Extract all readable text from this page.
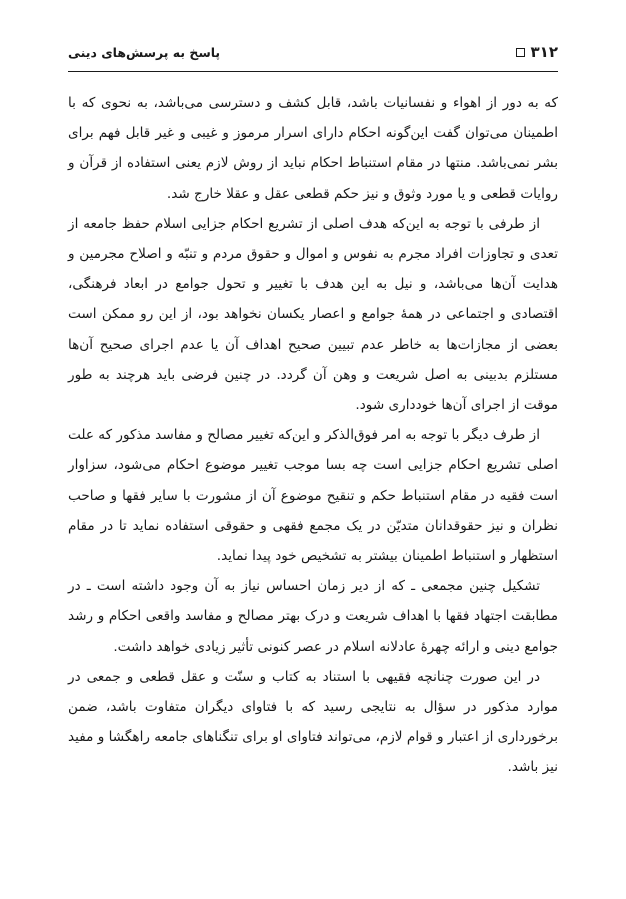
۳۱۲
پاسخ به پرسش‌های دینی

که به دور از اهواء و نفسانیات باشد، قابل کشف و دسترسی می‌باشد، به نحوی که با اطمینان می‌توان گفت این‌گونه احکام دارای اسرار مرموز و غیبی و غیر قابل فهم برای بشر نمی‌باشد. منتها در مقام استنباط احکام نباید از روش لازم یعنی استفاده از قرآن و روایات قطعی و یا مورد وثوق و نیز حکم قطعی عقل و عقلا خارج شد.

از طرفی با توجه به این‌که هدف اصلی از تشریع احکام جزایی اسلام حفظ جامعه از تعدی و تجاوزات افراد مجرم به نفوس و اموال و حقوق مردم و تنبّه و اصلاح مجرمین و هدایت آن‌ها می‌باشد، و نیل به این هدف با تغییر و تحول جوامع در ابعاد فرهنگی، اقتصادی و اجتماعی در همهٔ جوامع و اعصار یکسان نخواهد بود، از این رو ممکن است بعضی از مجازات‌ها به خاطر عدم تبیین صحیح اهداف آن یا عدم اجرای صحیح آن‌ها مستلزم بدبینی به اصل شریعت و وهن آن گردد. در چنین فرضی باید هرچند به طور موقت از اجرای آن‌ها خودداری شود.

از طرف دیگر با توجه به امر فوق‌الذکر و این‌که تغییر مصالح و مفاسد مذکور که علت اصلی تشریع احکام جزایی است چه بسا موجب تغییر موضوع احکام می‌شود، سزاوار است فقیه در مقام استنباط حکم و تنقیح موضوع آن از مشورت با سایر فقها و صاحب نظران و نیز حقوقدانان متدیّن در یک مجمع فقهی و حقوقی استفاده نماید تا در مقام استظهار و استنباط اطمینان بیشتر به تشخیص خود پیدا نماید.

تشکیل چنین مجمعی ـ که از دیر زمان احساس نیاز به آن وجود داشته است ـ در مطابقت اجتهاد فقها با اهداف شریعت و درک بهتر مصالح و مفاسد واقعی احکام و رشد جوامع دینی و ارائه چهرهٔ عادلانه اسلام در عصر کنونی تأثیر زیادی خواهد داشت.

در این صورت چنانچه فقیهی با استناد به کتاب و سنّت و عقل قطعی و جمعی در موارد مذکور در سؤال به نتایجی رسید که با فتاوای دیگران متفاوت باشد، ضمن برخورداری از اعتبار و قوام لازم، می‌تواند فتاوای او برای تنگناهای جامعه راهگشا و مفید نیز باشد.
